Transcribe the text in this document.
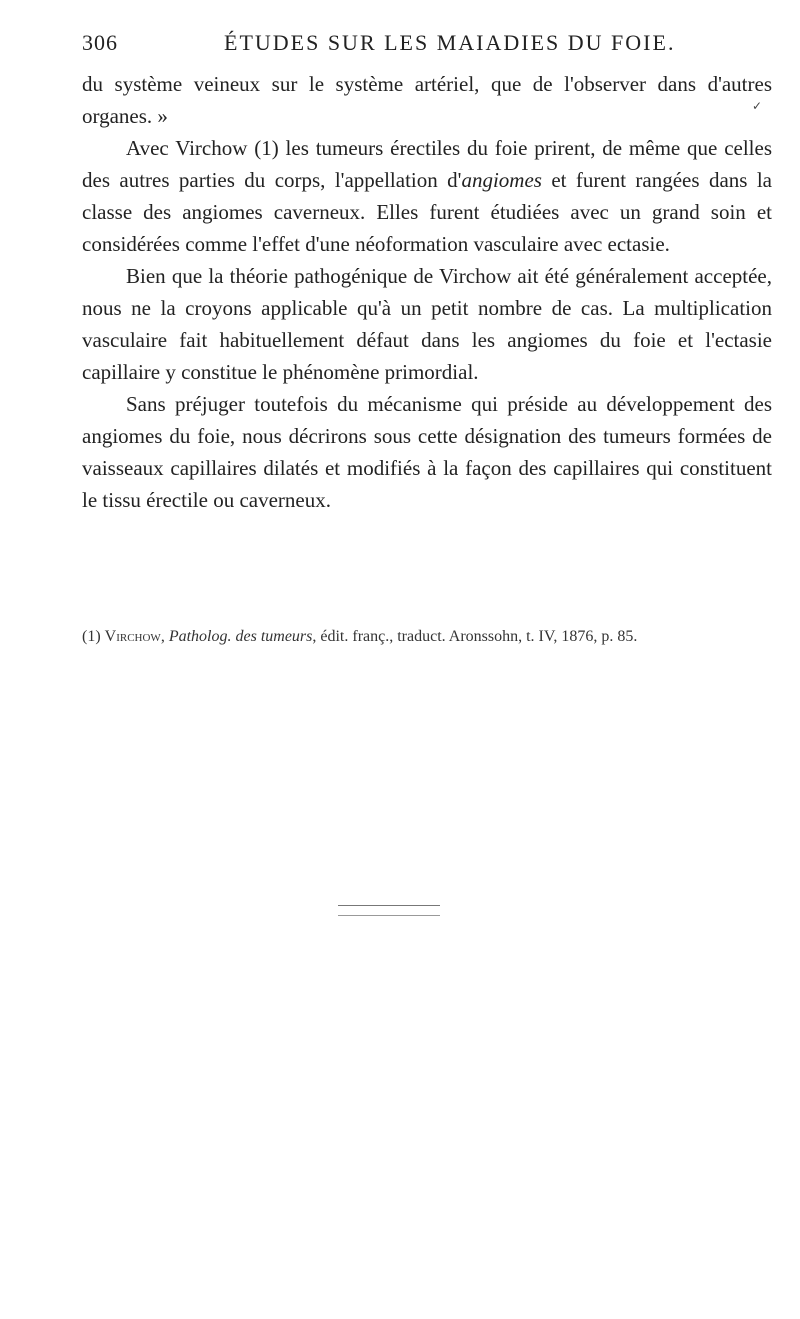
306	ÉTUDES SUR LES MAIADIES DU FOIE.
✓

du système veineux sur le système artériel, que de l'observer dans d'autres organes. »

Avec Virchow (1) les tumeurs érectiles du foie prirent, de même que celles des autres parties du corps, l'appellation d'angiomes et furent rangées dans la classe des angiomes caverneux. Elles furent étudiées avec un grand soin et considérées comme l'effet d'une néoformation vasculaire avec ectasie.

Bien que la théorie pathogénique de Virchow ait été généralement acceptée, nous ne la croyons applicable qu'à un petit nombre de cas. La multiplication vasculaire fait habituellement défaut dans les angiomes du foie et l'ectasie capillaire y constitue le phénomène primordial.

Sans préjuger toutefois du mécanisme qui préside au développement des angiomes du foie, nous décrirons sous cette désignation des tumeurs formées de vaisseaux capillaires dilatés et modifiés à la façon des capillaires qui constituent le tissu érectile ou caverneux.

(1) Virchow, Patholog. des tumeurs, édit. franç., traduct. Aronssohn, t. IV, 1876, p. 85.
